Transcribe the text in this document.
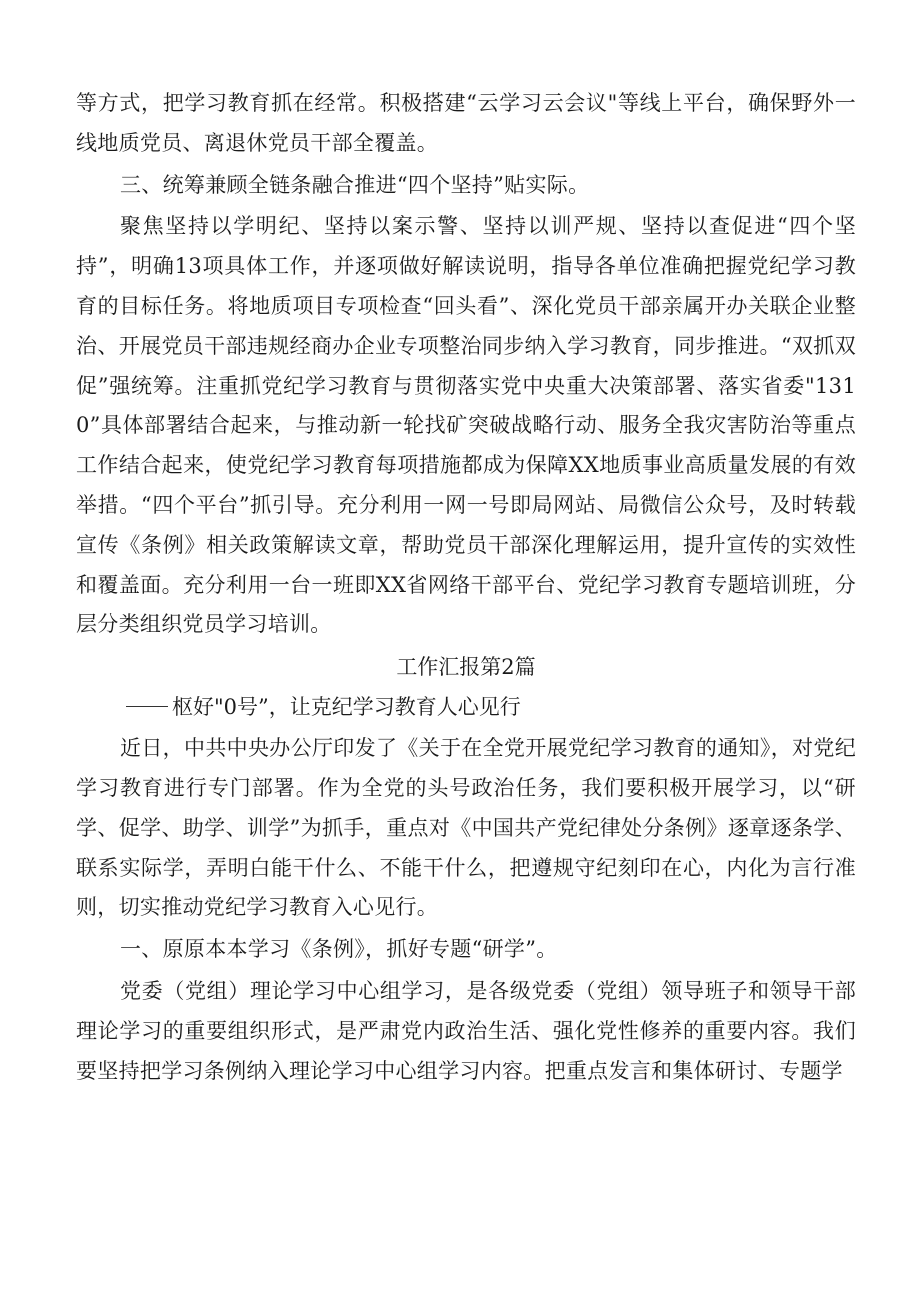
等方式，把学习教育抓在经常。积极搭建“云学习云会议"等线上平台，确保野外一线地质党员、离退休党员干部全覆盖。

三、统筹兼顾全链条融合推进“四个坚持”贴实际。

聚焦坚持以学明纪、坚持以案示警、坚持以训严规、坚持以查促进“四个坚持”，明确13项具体工作，并逐项做好解读说明，指导各单位准确把握党纪学习教育的目标任务。将地质项目专项检查“回头看”、深化党员干部亲属开办关联企业整治、开展党员干部违规经商办企业专项整治同步纳入学习教育，同步推进。“双抓双促”强统筹。注重抓党纪学习教育与贯彻落实党中央重大决策部署、落实省委"1310”具体部署结合起来，与推动新一轮找矿突破战略行动、服务全我灾害防治等重点工作结合起来，使党纪学习教育每项措施都成为保障XX地质事业高质量发展的有效举措。“四个平台”抓引导。充分利用一网一号即局网站、局微信公众号，及时转载宣传《条例》相关政策解读文章，帮助党员干部深化理解运用，提升宣传的实效性和覆盖面。充分利用一台一班即XX省网络干部平台、党纪学习教育专题培训班，分层分类组织党员学习培训。

工作汇报第2篇

枢好"0号”，让克纪学习教育人心见行

近日，中共中央办公厅印发了《关于在全党开展党纪学习教育的通知》，对党纪学习教育进行专门部署。作为全党的头号政治任务，我们要积极开展学习，以“研学、促学、助学、训学”为抓手，重点对《中国共产党纪律处分条例》逐章逐条学、联系实际学，弄明白能干什么、不能干什么，把遵规守纪刻印在心，内化为言行准则，切实推动党纪学习教育入心见行。

一、原原本本学习《条例》，抓好专题“研学”。

党委（党组）理论学习中心组学习，是各级党委（党组）领导班子和领导干部理论学习的重要组织形式，是严肃党内政治生活、强化党性修养的重要内容。我们要坚持把学习条例纳入理论学习中心组学习内容。把重点发言和集体研讨、专题学
